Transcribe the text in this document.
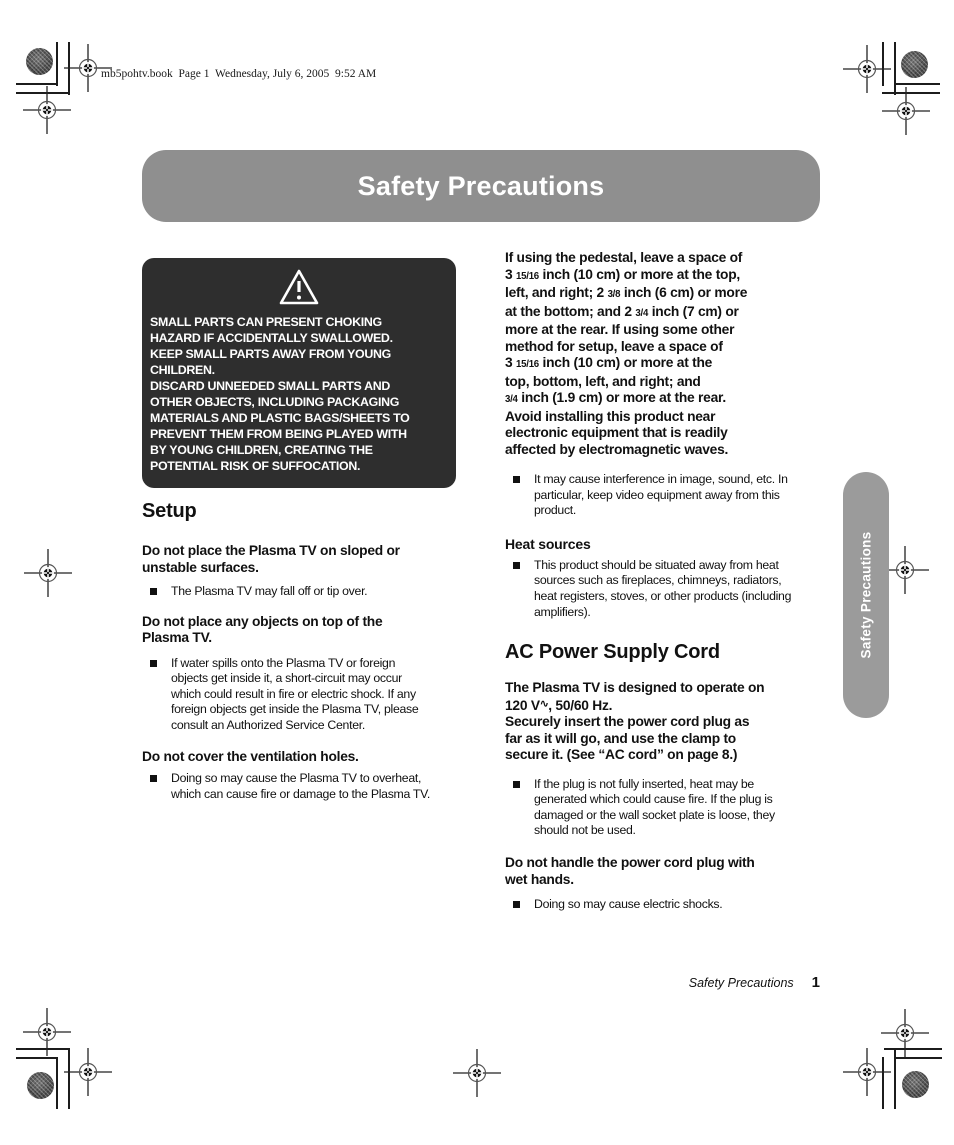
mb5pohtv.book  Page 1  Wednesday, July 6, 2005  9:52 AM
Safety Precautions
SMALL PARTS CAN PRESENT CHOKING
HAZARD IF ACCIDENTALLY SWALLOWED.
KEEP SMALL PARTS AWAY FROM YOUNG
CHILDREN.
DISCARD UNNEEDED SMALL PARTS AND
OTHER OBJECTS, INCLUDING PACKAGING
MATERIALS AND PLASTIC BAGS/SHEETS TO
PREVENT THEM FROM BEING PLAYED WITH
BY YOUNG CHILDREN, CREATING THE
POTENTIAL RISK OF SUFFOCATION.
Setup
Do not place the Plasma TV on sloped or
unstable surfaces.
The Plasma TV may fall off or tip over.
Do not place any objects on top of the
Plasma TV.
If water spills onto the Plasma TV or foreign
objects get inside it, a short-circuit may occur
which could result in fire or electric shock. If any
foreign objects get inside the Plasma TV, please
consult an Authorized Service Center.
Do not cover the ventilation holes.
Doing so may cause the Plasma TV to overheat,
which can cause fire or damage to the Plasma TV.
If using the pedestal, leave a space of
3 15/16 inch (10 cm) or more at the top,
left, and right; 2 3/8 inch (6 cm) or more
at the bottom; and 2 3/4 inch (7 cm) or
more at the rear. If using some other
method for setup, leave a space of
3 15/16 inch (10 cm) or more at the
top, bottom, left, and right; and
3/4 inch (1.9 cm) or more at the rear.
Avoid installing this product near
electronic equipment that is readily
affected by electromagnetic waves.
It may cause interference in image, sound, etc. In
particular, keep video equipment away from this
product.
Heat sources
This product should be situated away from heat
sources such as fireplaces, chimneys, radiators,
heat registers, stoves, or other products (including
amplifiers).
AC Power Supply Cord
The Plasma TV is designed to operate on
120 V∿, 50/60 Hz.
Securely insert the power cord plug as
far as it will go, and use the clamp to
secure it. (See “AC cord” on page 8.)
If the plug is not fully inserted, heat may be
generated which could cause fire. If the plug is
damaged or the wall socket plate is loose, they
should not be used.
Do not handle the power cord plug with
wet hands.
Doing so may cause electric shocks.
Safety Precautions
Safety Precautions 1
